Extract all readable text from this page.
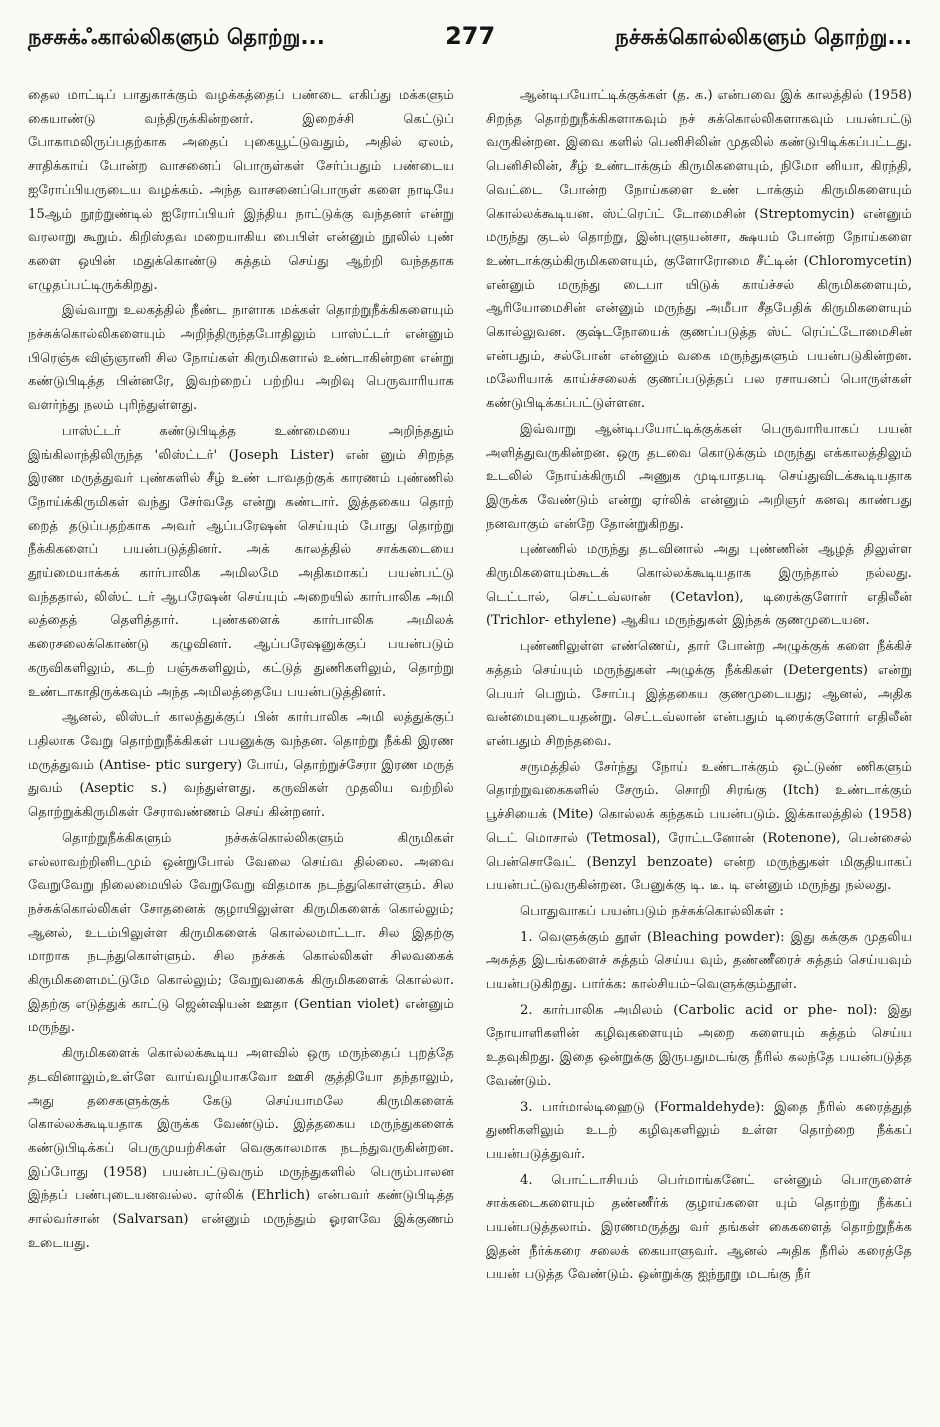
நசசுக்ஃகால்லிகளும் தொற்று...	277	நச்சுக்கொல்லிகளும் தொற்று...

தைல மாட்டிப் பாதுகாக்கும் வழக்கத்தைப் பண்டை எகிப்து மக்களும் கையாண்டு வந்திருக்கின்றனர். இறைச்சி கெட்டுப் போகாமலிருப்பதற்காக அதைப் புகையூட்டுவதும், அதில் ஏலம், சாதிக்காய் போன்ற வாசனைப் பொருள்கள் சேர்ப்பதும் பண்டைய ஐரோப்பியருடைய வழக்கம். அந்த வாசனைப்பொருள் களை நாடியே 15ஆம் நூற்றுண்டில் ஐரோப்பியர் இந்திய நாட்டுக்கு வந்தனர் என்று வரலாறு கூறும். கிறிஸ்தவ மறையாகிய பைபிள் என்னும் நூலில் புண் களை ஒயின் மதுக்கொண்டு சுத்தம் செய்து ஆற்றி வந்ததாக எழுதப்பட்டிருக்கிறது.

இவ்வாறு உலகத்தில் நீண்ட நாளாக மக்கள் தொற்றுநீக்கிகளையும் நச்சுக்கொல்லிகளையும் அறிந்திருந்தபோதிலும் பாஸ்ட்டர் என்னும் பிரெஞ்சு விஞ்ஞானி சில நோய்கள் கிருமிகளால் உண்டாகின்றன என்று கண்டுபிடித்த பின்னரே, இவற்றைப் பற்றிய அறிவு பெருவாரியாக வளர்ந்து நலம் புரிந்துள்ளது.

பாஸ்ட்டர் கண்டுபிடித்த உண்மையை அறிந்ததும் இங்கிலாந்திலிருந்த 'லிஸ்ட்டர்' (Joseph Lister) என் னும் சிறந்த இரண மருத்துவர் புண்களில் சீழ் உண் டாவதற்குக் காரணம் புண்ணில் நோய்க்கிருமிகள் வந்து சேர்வதே என்று கண்டார். இத்தகைய தொற் றைத் தடுப்பதற்காக அவர் ஆப்பரேஷன் செய்யும் போது தொற்று நீக்கிகளைப் பயன்படுத்தினர். அக் காலத்தில் சாக்கடையை தூய்மையாக்கக் கார்பாலிக அமிலமே அதிகமாகப் பயன்பட்டு வந்ததால், லிஸ்ட் டர் ஆபரேஷன் செய்யும் அறையில் கார்பாலிக அமி லத்தைத் தெளித்தார். புண்களைக் கார்பாலிக அமிலக் கரைசலைக்கொண்டு கழுவினர். ஆப்பரேஷனுக்குப் பயன்படும் கருவிகளிலும், கடற் பஞ்சுகளிலும், கட்டுத் துணிகளிலும், தொற்று உண்டாகாதிருக்கவும் அந்த அமிலத்தையே பயன்படுத்தினர்.

ஆனல், லிஸ்டர் காலத்துக்குப் பின் கார்பாலிக அமி லத்துக்குப் பதிலாக வேறு தொற்றுநீக்கிகள் பயனுக்கு வந்தன. தொற்று நீக்கி இரண மருத்துவம் (Antise- ptic surgery) போய், தொற்றுச்சேரா இரண மருத் துவம் (Aseptic s.) வந்துள்ளது. கருவிகள் முதலிய வற்றில் தொற்றுக்கிருமிகள் சேராவண்ணம் செய் கின்றனர்.

தொற்றுநீக்கிகளும் நச்சுக்கொல்லிகளும் கிருமிகள் எல்லாவற்றினிடமும் ஒன்றுபோல் வேலை செய்வ தில்லை. அவை வேறுவேறு நிலைமையில் வேறுவேறு விதமாக நடந்துகொள்ளும். சில நச்சுக்கொல்லிகள் சோதனைக் குழாயிலுள்ள கிருமிகளைக் கொல்லும்; ஆனல், உடம்பிலுள்ள கிருமிகளைக் கொல்லமாட்டா. சில இதற்கு மாறாக நடந்துகொள்ளும். சில நச்சுக் கொல்லிகள் சிலவகைக் கிருமிகளைமட்டுமே கொல்லும்; வேறுவகைக் கிருமிகளைக் கொல்லா. இதற்கு எடுத்துக் காட்டு ஜென்ஷியன் ஊதா (Gentian violet) என்னும் மருந்து.

கிருமிகளைக் கொல்லக்கூடிய அளவில் ஒரு மருந்தைப் புறத்தே தடவினாலும்,உள்ளே வாய்வழியாகவோ ஊசி குத்தியோ தந்தாலும், அது தசைகளுக்குக் கேடு செய்யாமலே கிருமிகளைக் கொல்லக்கூடியதாக இருக்க வேண்டும். இத்தகைய மருந்துகளைக் கண்டுபிடிக்கப் பெருமுயற்சிகள் வெகுகாலமாக நடந்துவருகின்றன. இப்போது (1958) பயன்பட்டுவரும் மருந்துகளில் பெரும்பாலன இந்தப் பண்புடையனவல்ல. ஏர்லிக் (Ehrlich) என்பவர் கண்டுபிடித்த சால்வர்சான் (Salvarsan) என்னும் மருந்தும் ஓரளவே இக்குணம் உடையது.

ஆன்டிபயோட்டிக்குக்கள் (த. க.) என்பவை இக் காலத்தில் (1958) சிறந்த தொற்றுநீக்கிகளாகவும் நச் சுக்கொல்லிகளாகவும் பயன்பட்டு வருகின்றன. இவை களில் பெனிசிலின் முதலில் கண்டுபிடிக்கப்பட்டது. பெனிசிலின், சீழ் உண்டாக்கும் கிருமிகளையும், நிமோ னியா, கிரந்தி, வெட்டை போன்ற நோய்களை உண் டாக்கும் கிருமிகளையும் கொல்லக்கூடியன. ஸ்ட்ரெப்ட் டோமைசின் (Streptomycin) என்னும் மருந்து குடல் தொற்று, இன்புளுயன்சா, க்ஷயம் போன்ற நோய்களை உண்டாக்கும்கிருமிகளையும், குளோரோமை சீட்டின் (Chloromycetin) என்னும் மருந்து டைபா யிடுக் காய்ச்சல் கிருமிகளையும், ஆரியோமைசின் என்னும் மருந்து அமீபா சீதபேதிக் கிருமிகளையும் கொல்லுவன. குஷ்டநோயைக் குணப்படுத்த ஸ்ட் ரெப்ட்டோமைசின் என்பதும், சல்போன் என்னும் வகை மருந்துகளும் பயன்படுகின்றன. மலேரியாக் காய்ச்சலைக் குணப்படுத்தப் பல ரசாயனப் பொருள்கள் கண்டுபிடிக்கப்பட்டுள்ளன.

இவ்வாறு ஆன்டிபயோட்டிக்குக்கள் பெருவாரியாகப் பயன் அளித்துவருகின்றன. ஒரு தடவை கொடுக்கும் மருந்து எக்காலத்திலும் உடலில் நோய்க்கிருமி அணுக முடியாதபடி செய்துவிடக்கூடியதாக இருக்க வேண்டும் என்று ஏர்லிக் என்னும் அறிஞர் கனவு காண்பது நனவாகும் என்றே தோன்றுகிறது.

புண்ணில் மருந்து தடவினால் அது புண்ணின் ஆழத் திலுள்ள கிருமிகளையும்கூடக் கொல்லக்கூடியதாக இருந்தால் நல்லது. டெட்டால், செட்டவ்லான் (Cetavlon), டிரைக்குளோர் எதிலீன் (Trichlor- ethylene) ஆகிய மருந்துகள் இந்தக் குணமுடையன.

புண்ணிலுள்ள எண்ணெய், தார் போன்ற அழுக்குக் களை நீக்கிச் சுத்தம் செய்யும் மருந்துகள் அழுக்கு நீக்கிகள் (Detergents) என்று பெயர் பெறும். சோப்பு இத்தகைய குணமுடையது; ஆனல், அதிக வன்மையுடையதன்று. செட்டவ்லான் என்பதும் டிரைக்குளோர் எதிலீன் என்பதும் சிறந்தவை.

சருமத்தில் சேர்ந்து நோய் உண்டாக்கும் ஒட்டுண் ணிகளும் தொற்றுவகைகளில் சேரும். சொறி சிரங்கு (Itch) உண்டாக்கும் பூச்சியைக் (Mite) கொல்லக் கந்தகம் பயன்படும். இக்காலத்தில் (1958) டெட் மொசால் (Tetmosal), ரோட்டனோன் (Rotenone), பென்சைல் பென்சொவேட் (Benzyl benzoate) என்ற மருந்துகள் மிகுதியாகப் பயன்பட்டுவருகின்றன. பேனுக்கு டி. டீ. டி என்னும் மருந்து நல்லது.

பொதுவாகப் பயன்படும் நச்சுக்கொல்லிகள் :

1. வெளுக்கும் தூள் (Bleaching powder): இது கக்குசு முதலிய அசுத்த இடங்களைச் சுத்தம் செய்ய வும், தண்ணீரைச் சுத்தம் செய்யவும் பயன்படுகிறது. பார்க்க: கால்சியம்–வெளுக்கும்தூள்.

2. கார்பாலிக அமிலம் (Carbolic acid or phe- nol): இது நோயாளிகளின் கழிவுகளையும் அறை களையும் சுத்தம் செய்ய உதவுகிறது. இதை ஒன்றுக்கு இருபதுமடங்கு நீரில் கலந்தே பயன்படுத்த வேண்டும்.

3. பார்மால்டிஹைடு (Formaldehyde): இதை நீரில் கரைத்துத் துணிகளிலும் உடற் கழிவுகளிலும் உள்ள தொற்றை நீக்கப் பயன்படுத்துவர்.

4. பொட்டாசியம் பெர்மாங்கனேட் என்னும் பொருளைச் சாக்கடைகளையும் தண்ணீர்க் குழாய்களை யும் தொற்று நீக்கப் பயன்படுத்தலாம். இரணமருத்து வர் தங்கள் கைகளைத் தொற்றுநீக்க இதன் நீர்க்கரை சலைக் கையாளுவர். ஆனல் அதிக நீரில் கரைத்தே பயன் படுத்த வேண்டும். ஒன்றுக்கு ஐந்நூறு மடங்கு நீர்
